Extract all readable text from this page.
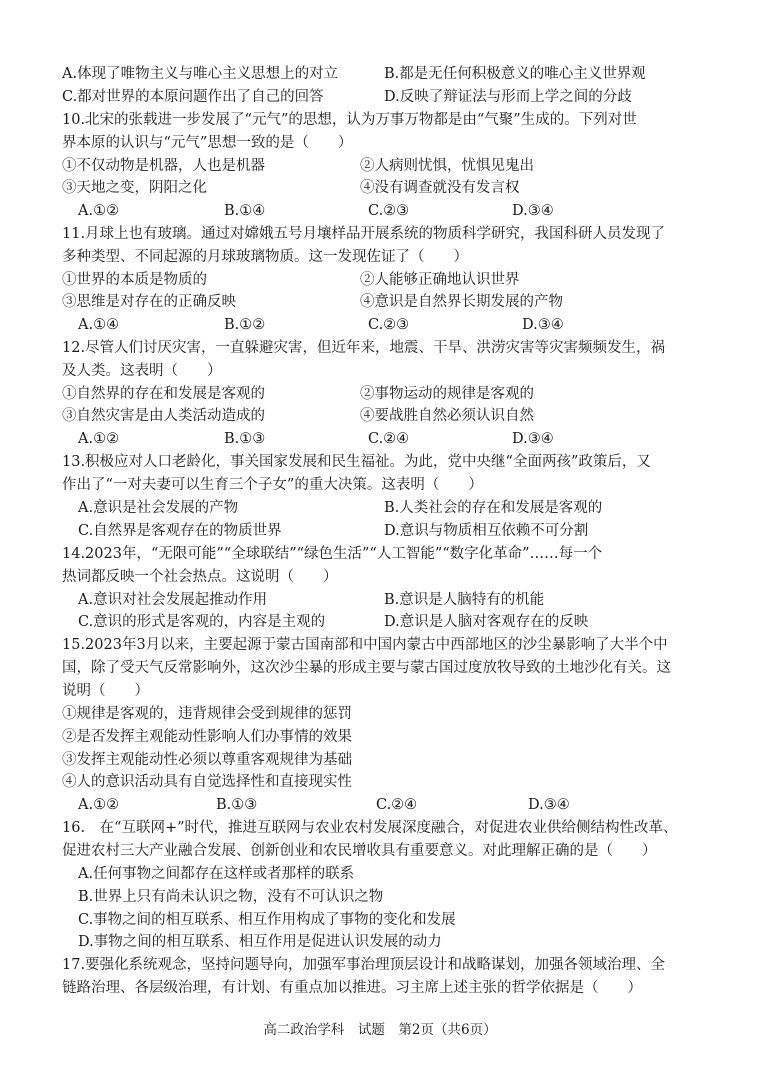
A.体现了唯物主义与唯心主义思想上的对立	B.都是无任何积极意义的唯心主义世界观
C.都对世界的本原问题作出了自己的回答	D.反映了辩证法与形而上学之间的分歧
10.北宋的张载进一步发展了“元气”的思想，认为万事万物都是由“气聚”生成的。下列对世
界本原的认识与“元气”思想一致的是（　　）
①不仅动物是机器，人也是机器	②人病则忧惧，忧惧见鬼出
③天地之变，阴阳之化	④没有调查就没有发言权
A.①②	B.①④	C.②③	D.③④
11.月球上也有玻璃。通过对嫦娥五号月壤样品开展系统的物质科学研究，我国科研人员发现了
多种类型、不同起源的月球玻璃物质。这一发现佐证了（　　）
①世界的本质是物质的	②人能够正确地认识世界
③思维是对存在的正确反映	④意识是自然界长期发展的产物
A.①④	B.①②	C.②③	D.③④
12.尽管人们讨厌灾害，一直躲避灾害，但近年来，地震、干旱、洪涝灾害等灾害频频发生，祸
及人类。这表明（　　）
①自然界的存在和发展是客观的	②事物运动的规律是客观的
③自然灾害是由人类活动造成的	④要战胜自然必须认识自然
A.①②	B.①③	C.②④	D.③④
13.积极应对人口老龄化，事关国家发展和民生福祉。为此，党中央继“全面两孩”政策后，又
作出了“一对夫妻可以生育三个子女”的重大决策。这表明（　　）
A.意识是社会发展的产物	B.人类社会的存在和发展是客观的
C.自然界是客观存在的物质世界	D.意识与物质相互依赖不可分割
14.2023年，“无限可能”“全球联结”“绿色生活”“人工智能”“数字化革命”……每一个
热词都反映一个社会热点。这说明（　　）
A.意识对社会发展起推动作用	B.意识是人脑特有的机能
C.意识的形式是客观的，内容是主观的	D.意识是人脑对客观存在的反映
15.2023年3月以来，主要起源于蒙古国南部和中国内蒙古中西部地区的沙尘暴影响了大半个中
国，除了受天气反常影响外，这次沙尘暴的形成主要与蒙古国过度放牧导致的土地沙化有关。这
说明（　　）
①规律是客观的，违背规律会受到规律的惩罚
②是否发挥主观能动性影响人们办事情的效果
③发挥主观能动性必须以尊重客观规律为基础
④人的意识活动具有自觉选择性和直接现实性
A.①②	B.①③	C.②④	D.③④
16.　在“互联网+”时代，推进互联网与农业农村发展深度融合，对促进农业供给侧结构性改革、
促进农村三大产业融合发展、创新创业和农民增收具有重要意义。对此理解正确的是（　　）
A.任何事物之间都存在这样或者那样的联系
B.世界上只有尚未认识之物，没有不可认识之物
C.事物之间的相互联系、相互作用构成了事物的变化和发展
D.事物之间的相互联系、相互作用是促进认识发展的动力
17.要强化系统观念，坚持问题导向，加强军事治理顶层设计和战略谋划，加强各领域治理、全
链路治理、各层级治理，有计划、有重点加以推进。习主席上述主张的哲学依据是（　　）
高二政治学科　试题　第2页（共6页）
